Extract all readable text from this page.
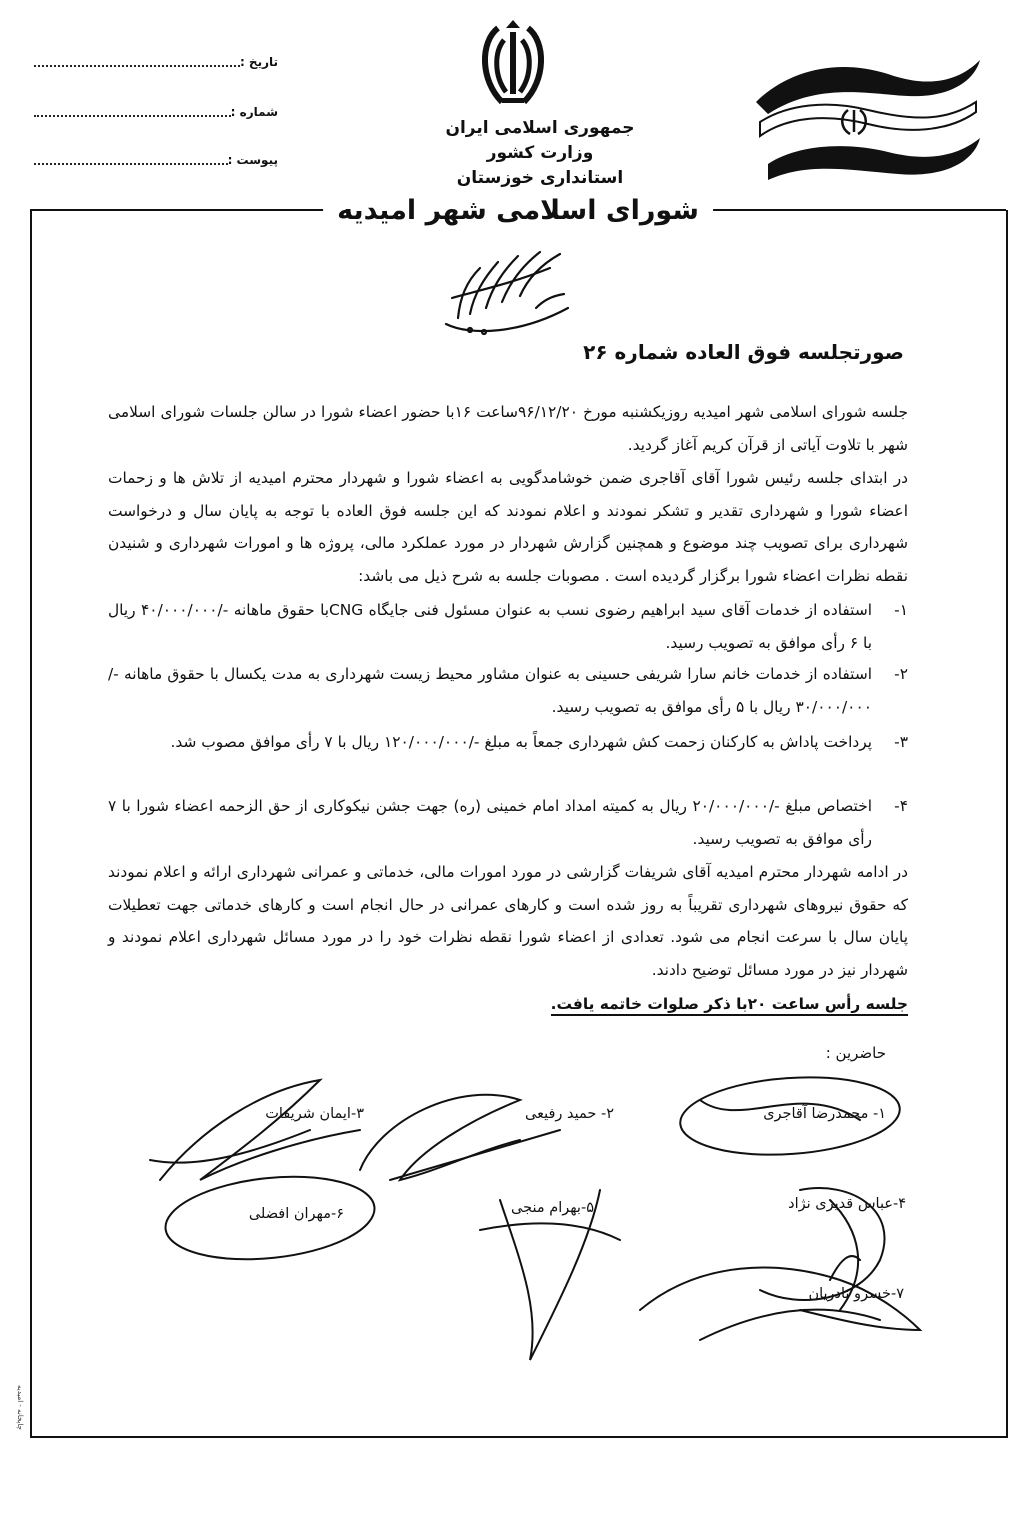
تاریخ :
شماره :
پیوست :
جمهوری اسلامی ایران
وزارت کشور
استانداری خوزستان
شورای اسلامی شهر امیدیه
صورتجلسه فوق العاده شماره ۲۶
جلسه شورای اسلامی شهر امیدیه روزیکشنبه مورخ ۹۶/۱۲/۲۰ساعت ۱۶با حضور اعضاء شورا در سالن جلسات شورای اسلامی شهر با تلاوت آیاتی از قرآن کریم آغاز گردید.
در ابتدای جلسه رئیس شورا آقای آقاجری ضمن خوشامدگویی به اعضاء شورا و شهردار محترم امیدیه از تلاش ها و زحمات اعضاء شورا و شهرداری تقدیر و تشکر نمودند و اعلام نمودند که این جلسه فوق العاده با توجه به پایان سال و درخواست شهرداری برای تصویب چند موضوع و همچنین گزارش شهردار در مورد عملکرد مالی، پروژه ها و امورات شهرداری و شنیدن نقطه نظرات اعضاء شورا برگزار گردیده است . مصوبات جلسه به شرح ذیل می باشد:
۱-
استفاده از خدمات آقای سید ابراهیم رضوی نسب به عنوان مسئول فنی جایگاه CNGبا حقوق ماهانه -/۴۰/۰۰۰/۰۰۰ ریال با ۶ رأی موافق به تصویب رسید.
۲-
استفاده از خدمات خانم سارا شریفی حسینی به عنوان مشاور محیط زیست شهرداری به مدت یکسال با حقوق ماهانه -/۳۰/۰۰۰/۰۰۰ ریال با ۵ رأی موافق به تصویب رسید.
۳-
پرداخت پاداش به کارکنان زحمت کش شهرداری جمعاً به مبلغ -/۱۲۰/۰۰۰/۰۰۰ ریال با ۷ رأی موافق مصوب شد.
۴-
اختصاص مبلغ -/۲۰/۰۰۰/۰۰۰ ریال به کمیته امداد امام خمینی (ره) جهت جشن نیکوکاری از حق الزحمه اعضاء شورا با ۷ رأی موافق به تصویب رسید.
در ادامه شهردار محترم امیدیه آقای شریفات گزارشی در مورد امورات مالی، خدماتی و عمرانی شهرداری ارائه و اعلام نمودند که حقوق نیروهای شهرداری تقریباً به روز شده است و کارهای عمرانی در حال انجام است و کارهای خدماتی جهت تعطیلات پایان سال با سرعت انجام می شود. تعدادی از اعضاء شورا نقطه نظرات خود را در مورد مسائل شهرداری اعلام نمودند و شهردار نیز در مورد مسائل توضیح دادند.
جلسه رأس ساعت ۲۰با ذکر صلوات خاتمه یافت.
حاضرین :
۱- محمدرضا آقاجری
۲- حمید رفیعی
۳-ایمان شریفات
۴-عباس قدیری نژاد
۵-بهرام منجی
۶-مهران افضلی
۷-خسرو نادریان
چاپخانه - امیدیه
